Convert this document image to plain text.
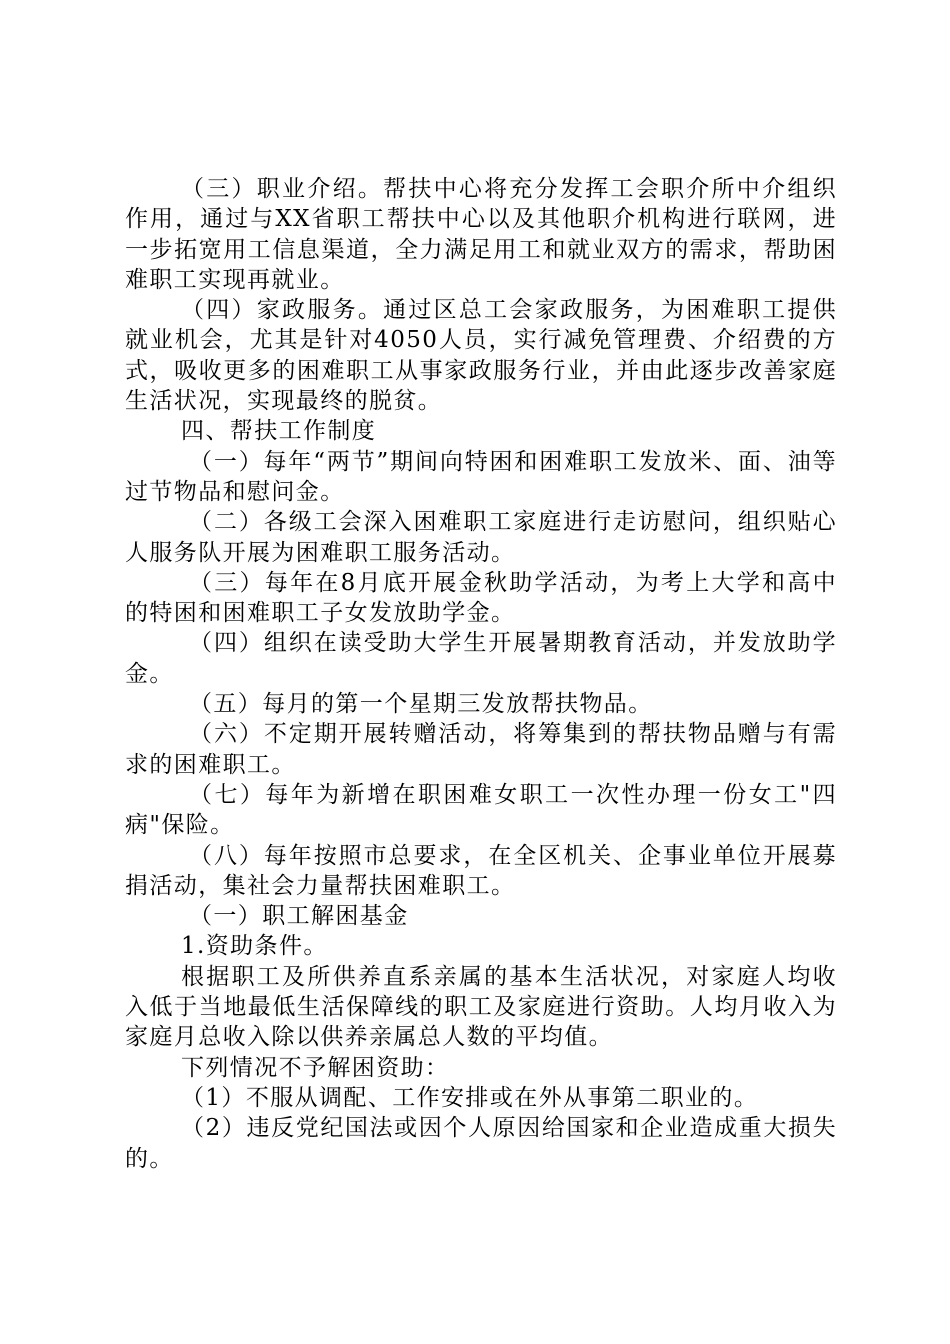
（三）职业介绍。帮扶中心将充分发挥工会职介所中介组织作用，通过与XX省职工帮扶中心以及其他职介机构进行联网，进一步拓宽用工信息渠道，全力满足用工和就业双方的需求，帮助困难职工实现再就业。

（四）家政服务。通过区总工会家政服务，为困难职工提供就业机会，尤其是针对4050人员，实行减免管理费、介绍费的方式，吸收更多的困难职工从事家政服务行业，并由此逐步改善家庭生活状况，实现最终的脱贫。

四、帮扶工作制度

（一）每年“两节”期间向特困和困难职工发放米、面、油等过节物品和慰问金。

（二）各级工会深入困难职工家庭进行走访慰问，组织贴心人服务队开展为困难职工服务活动。

（三）每年在8月底开展金秋助学活动，为考上大学和高中的特困和困难职工子女发放助学金。

（四）组织在读受助大学生开展暑期教育活动，并发放助学金。

（五）每月的第一个星期三发放帮扶物品。

（六）不定期开展转赠活动，将筹集到的帮扶物品赠与有需求的困难职工。

（七）每年为新增在职困难女职工一次性办理一份女工"四病"保险。

（八）每年按照市总要求，在全区机关、企事业单位开展募捐活动，集社会力量帮扶困难职工。

（一）职工解困基金

1.资助条件。

根据职工及所供养直系亲属的基本生活状况，对家庭人均收入低于当地最低生活保障线的职工及家庭进行资助。人均月收入为家庭月总收入除以供养亲属总人数的平均值。

下列情况不予解困资助：

（1）不服从调配、工作安排或在外从事第二职业的。

（2）违反党纪国法或因个人原因给国家和企业造成重大损失的。
